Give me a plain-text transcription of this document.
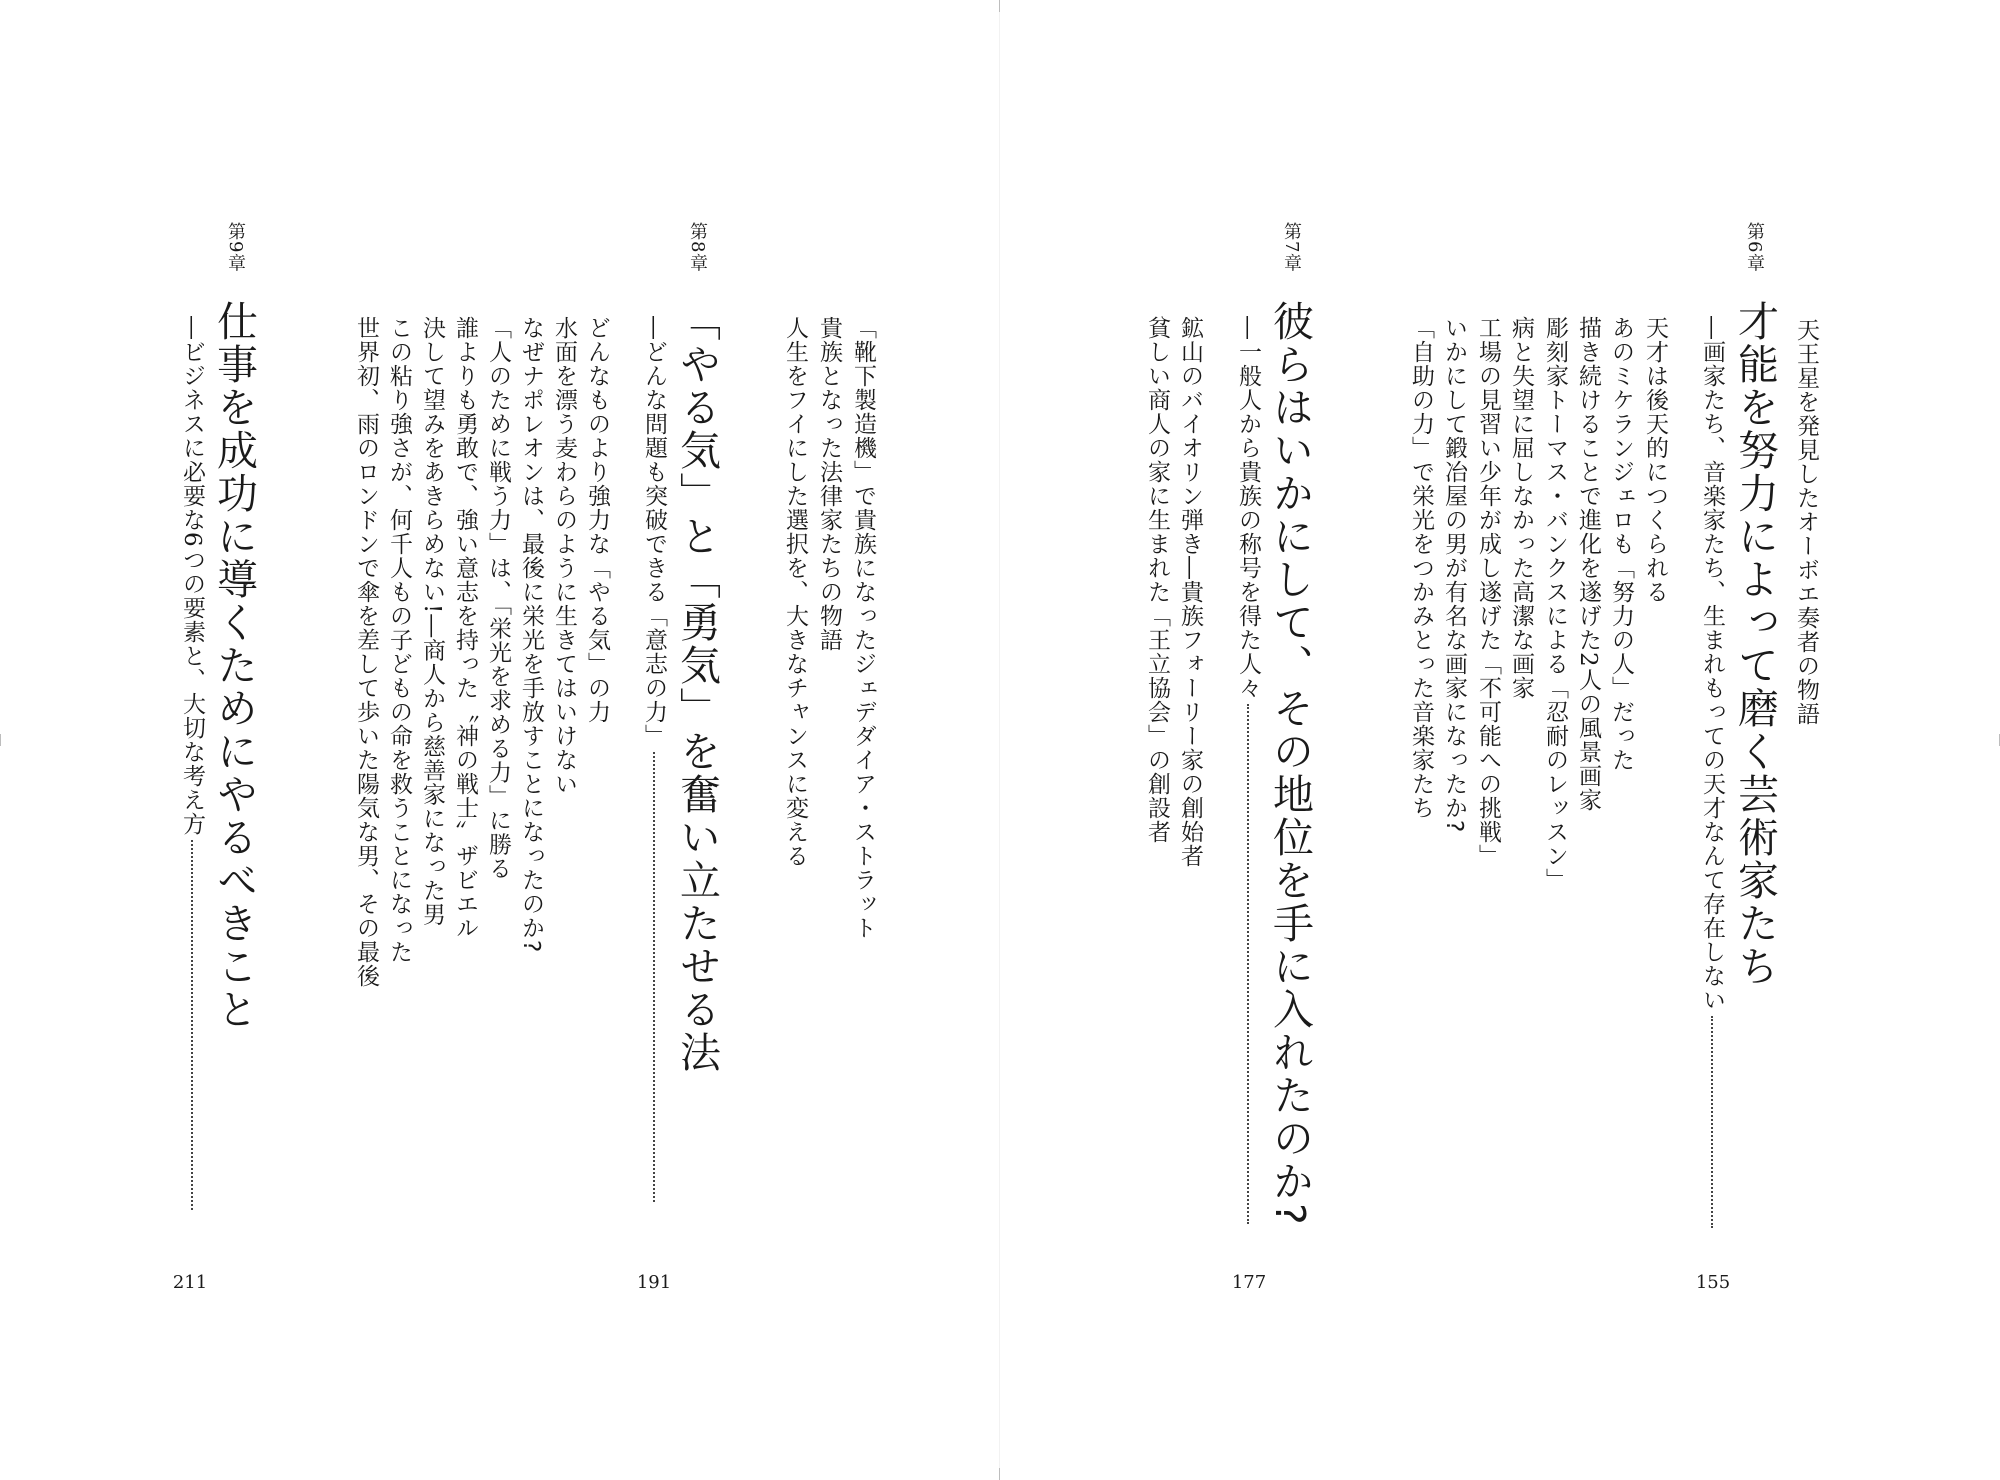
天王星を発見したオーボエ奏者の物語
第6章
才能を努力によって磨く芸術家たち
―画家たち、音楽家たち、生まれもっての天才なんて存在しない
155
天才は後天的につくられる
あのミケランジェロも「努力の人」だった
描き続けることで進化を遂げた2人の風景画家
彫刻家トーマス・バンクスによる「忍耐のレッスン」
病と失望に屈しなかった高潔な画家
工場の見習い少年が成し遂げた「不可能への挑戦」
いかにして鍛冶屋の男が有名な画家になったか?
「自助の力」で栄光をつかみとった音楽家たち
第7章
彼らはいかにして、その地位を手に入れたのか?
―一般人から貴族の称号を得た人々
177
鉱山のバイオリン弾き―貴族フォーリー家の創始者
貧しい商人の家に生まれた「王立協会」の創設者
「靴下製造機」で貴族になったジェデダイア・ストラット
貴族となった法律家たちの物語
人生をフイにした選択を、大きなチャンスに変える
第8章
「やる気」と「勇気」を奮い立たせる法
―どんな問題も突破できる「意志の力」
191
どんなものより強力な「やる気」の力
水面を漂う麦わらのように生きてはいけない
なぜナポレオンは、最後に栄光を手放すことになったのか?
「人のために戦う力」は、「栄光を求める力」に勝る
誰よりも勇敢で、強い意志を持った〝神の戦士〟ザビエル
決して望みをあきらめない!―商人から慈善家になった男
この粘り強さが、何千人もの子どもの命を救うことになった
世界初、雨のロンドンで傘を差して歩いた陽気な男、その最後
第9章
仕事を成功に導くためにやるべきこと
―ビジネスに必要な6つの要素と、大切な考え方
211
